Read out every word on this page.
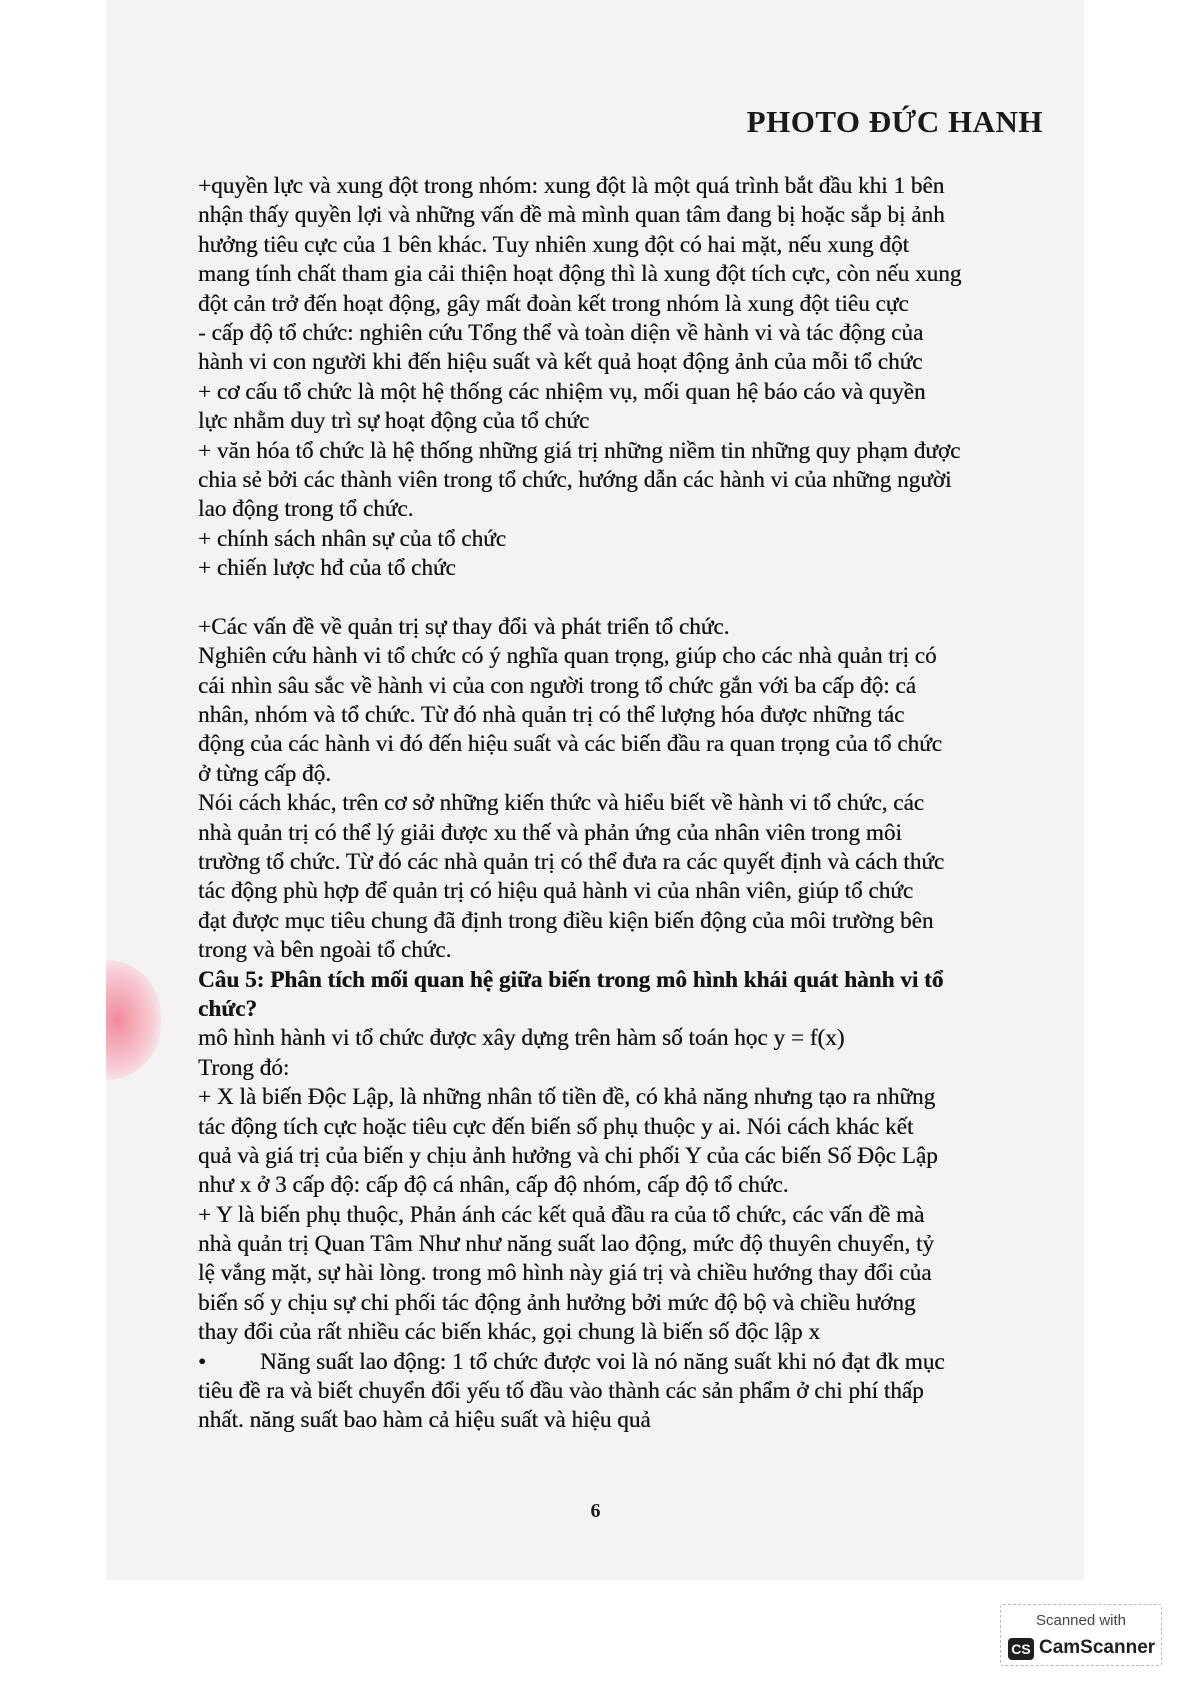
PHOTO ĐỨC HANH
+quyền lực và xung đột trong nhóm: xung đột là một quá trình bắt đầu khi 1 bên
nhận thấy quyền lợi và những vấn đề mà mình quan tâm đang bị hoặc sắp bị ảnh
hưởng tiêu cực của 1 bên khác. Tuy nhiên xung đột có hai mặt, nếu xung đột
mang tính chất tham gia cải thiện hoạt động thì là xung đột tích cực, còn nếu xung
đột cản trở đến hoạt động, gây mất đoàn kết trong nhóm là xung đột tiêu cực
- cấp độ tổ chức: nghiên cứu Tổng thể và toàn diện về hành vi và tác động của
hành vi con người khi đến hiệu suất và kết quả hoạt động ảnh của mỗi tổ chức
+ cơ cấu tổ chức là một hệ thống các nhiệm vụ, mối quan hệ báo cáo và quyền
lực nhằm duy trì sự hoạt động của tổ chức
+ văn hóa tổ chức là hệ thống những giá trị những niềm tin những quy phạm được
chia sẻ bởi các thành viên trong tổ chức, hướng dẫn các hành vi của những người
lao động trong tổ chức.
+ chính sách nhân sự của tổ chức
+ chiến lược hđ của tổ chức
+Các vấn đề về quản trị sự thay đổi và phát triển tổ chức.
Nghiên cứu hành vi tổ chức có ý nghĩa quan trọng, giúp cho các nhà quản trị có
cái nhìn sâu sắc về hành vi của con người trong tổ chức gắn với ba cấp độ: cá
nhân, nhóm và tổ chức. Từ đó nhà quản trị có thể lượng hóa được những tác
động của các hành vi đó đến hiệu suất và các biến đầu ra quan trọng của tổ chức
ở từng cấp độ.
Nói cách khác, trên cơ sở những kiến thức và hiểu biết về hành vi tổ chức, các
nhà quản trị có thể lý giải được xu thế và phản ứng của nhân viên trong môi
trường tổ chức. Từ đó các nhà quản trị có thể đưa ra các quyết định và cách thức
tác động phù hợp để quản trị có hiệu quả hành vi của nhân viên, giúp tổ chức
đạt được mục tiêu chung đã định trong điều kiện biến động của môi trường bên
trong và bên ngoài tổ chức.
Câu 5: Phân tích mối quan hệ giữa biến trong mô hình khái quát hành vi tổ
chức?
mô hình hành vi tổ chức được xây dựng trên hàm số toán học y = f(x)
Trong đó:
+ X là biến Độc Lập, là những nhân tố tiền đề, có khả năng nhưng tạo ra những
tác động tích cực hoặc tiêu cực đến biến số phụ thuộc y ai. Nói cách khác kết
quả và giá trị của biến y chịu ảnh hưởng và chi phối Y của các biến Số Độc Lập
như x ở 3 cấp độ: cấp độ cá nhân, cấp độ nhóm, cấp độ tổ chức.
+ Y là biến phụ thuộc, Phản ánh các kết quả đầu ra của tổ chức, các vấn đề mà
nhà quản trị Quan Tâm Như như năng suất lao động, mức độ thuyên chuyển, tỷ
lệ vắng mặt, sự hài lòng. trong mô hình này giá trị và chiều hướng thay đổi của
biến số y chịu sự chi phối tác động ảnh hưởng bởi mức độ bộ và chiều hướng
thay đổi của rất nhiều các biến khác, gọi chung là biến số độc lập x
• Năng suất lao động: 1 tổ chức được voi là nó năng suất khi nó đạt đk mục
tiêu đề ra và biết chuyển đổi yếu tố đầu vào thành các sản phẩm ở chi phí thấp
nhất. năng suất bao hàm cả hiệu suất và hiệu quả
6
Scanned with
CS CamScanner
